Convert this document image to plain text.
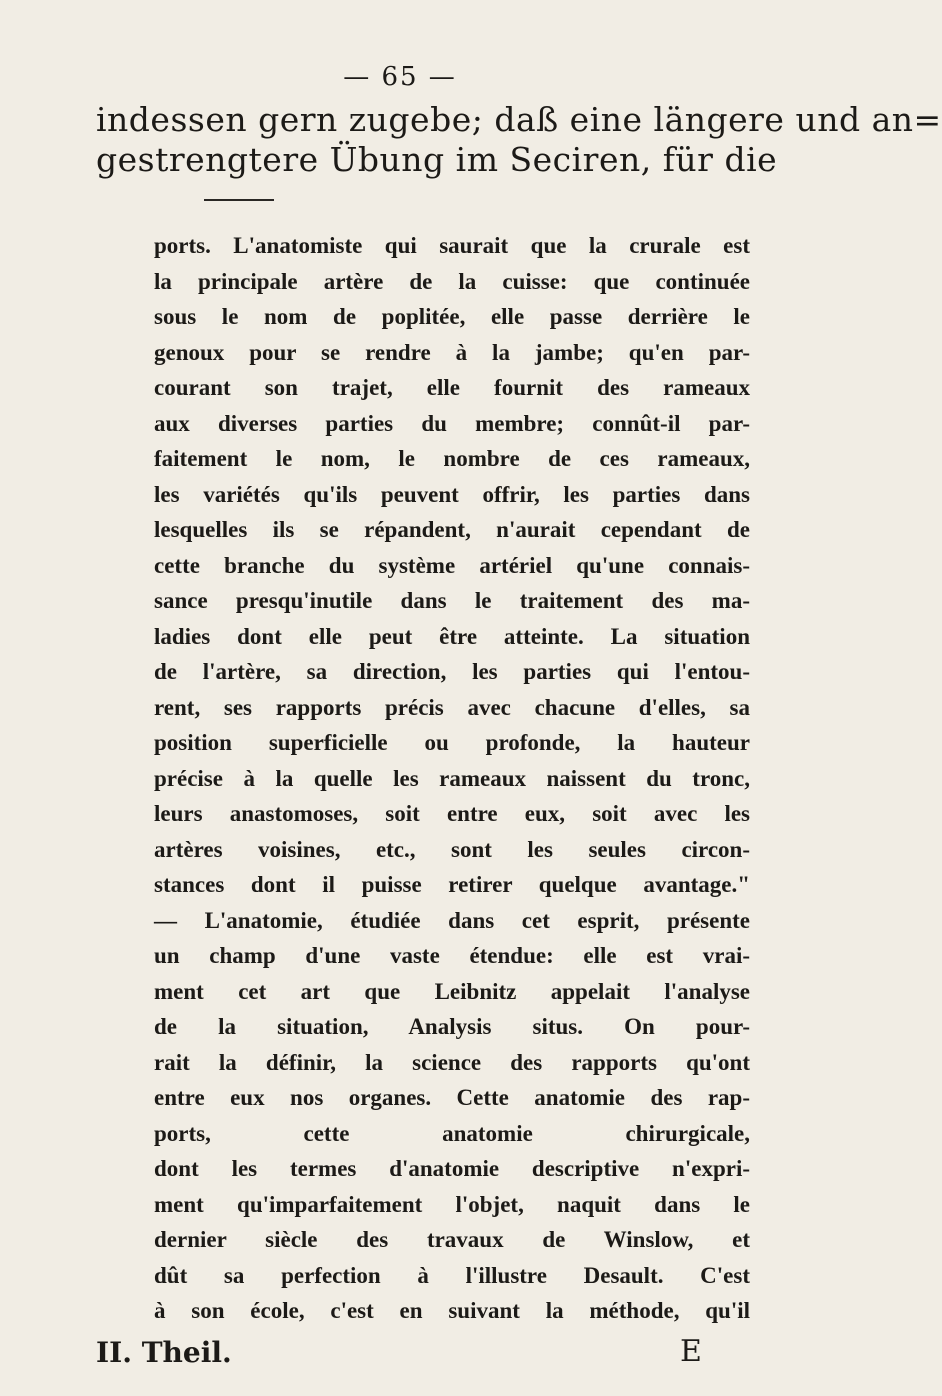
— 65 —
indessen gern zugebe; daß eine längere und an=
gestrengtere Übung im Seciren, für die
ports. L'anatomiste qui saurait que la crurale est
la principale artère de la cuisse: que continuée
sous le nom de poplitée, elle passe derrière le
genoux pour se rendre à la jambe; qu'en par-
courant son trajet, elle fournit des rameaux
aux diverses parties du membre; connût-il par-
faitement le nom, le nombre de ces rameaux,
les variétés qu'ils peuvent offrir, les parties dans
lesquelles ils se répandent, n'aurait cependant de
cette branche du système artériel qu'une connais-
sance presqu'inutile dans le traitement des ma-
ladies dont elle peut être atteinte. La situation
de l'artère, sa direction, les parties qui l'entou-
rent, ses rapports précis avec chacune d'elles, sa
position superficielle ou profonde, la hauteur
précise à la quelle les rameaux naissent du tronc,
leurs anastomoses, soit entre eux, soit avec les
artères voisines, etc., sont les seules circon-
stances dont il puisse retirer quelque avantage."
— L'anatomie, étudiée dans cet esprit, présente
un champ d'une vaste étendue: elle est vrai-
ment cet art que Leibnitz appelait l'analyse
de la situation, Analysis situs. On pour-
rait la définir, la science des rapports qu'ont
entre eux nos organes. Cette anatomie des rap-
ports, cette anatomie chirurgicale,
dont les termes d'anatomie descriptive n'expri-
ment qu'imparfaitement l'objet, naquit dans le
dernier siècle des travaux de Winslow, et
dût sa perfection à l'illustre Desault. C'est
à son école, c'est en suivant la méthode, qu'il
II. Theil.	E
